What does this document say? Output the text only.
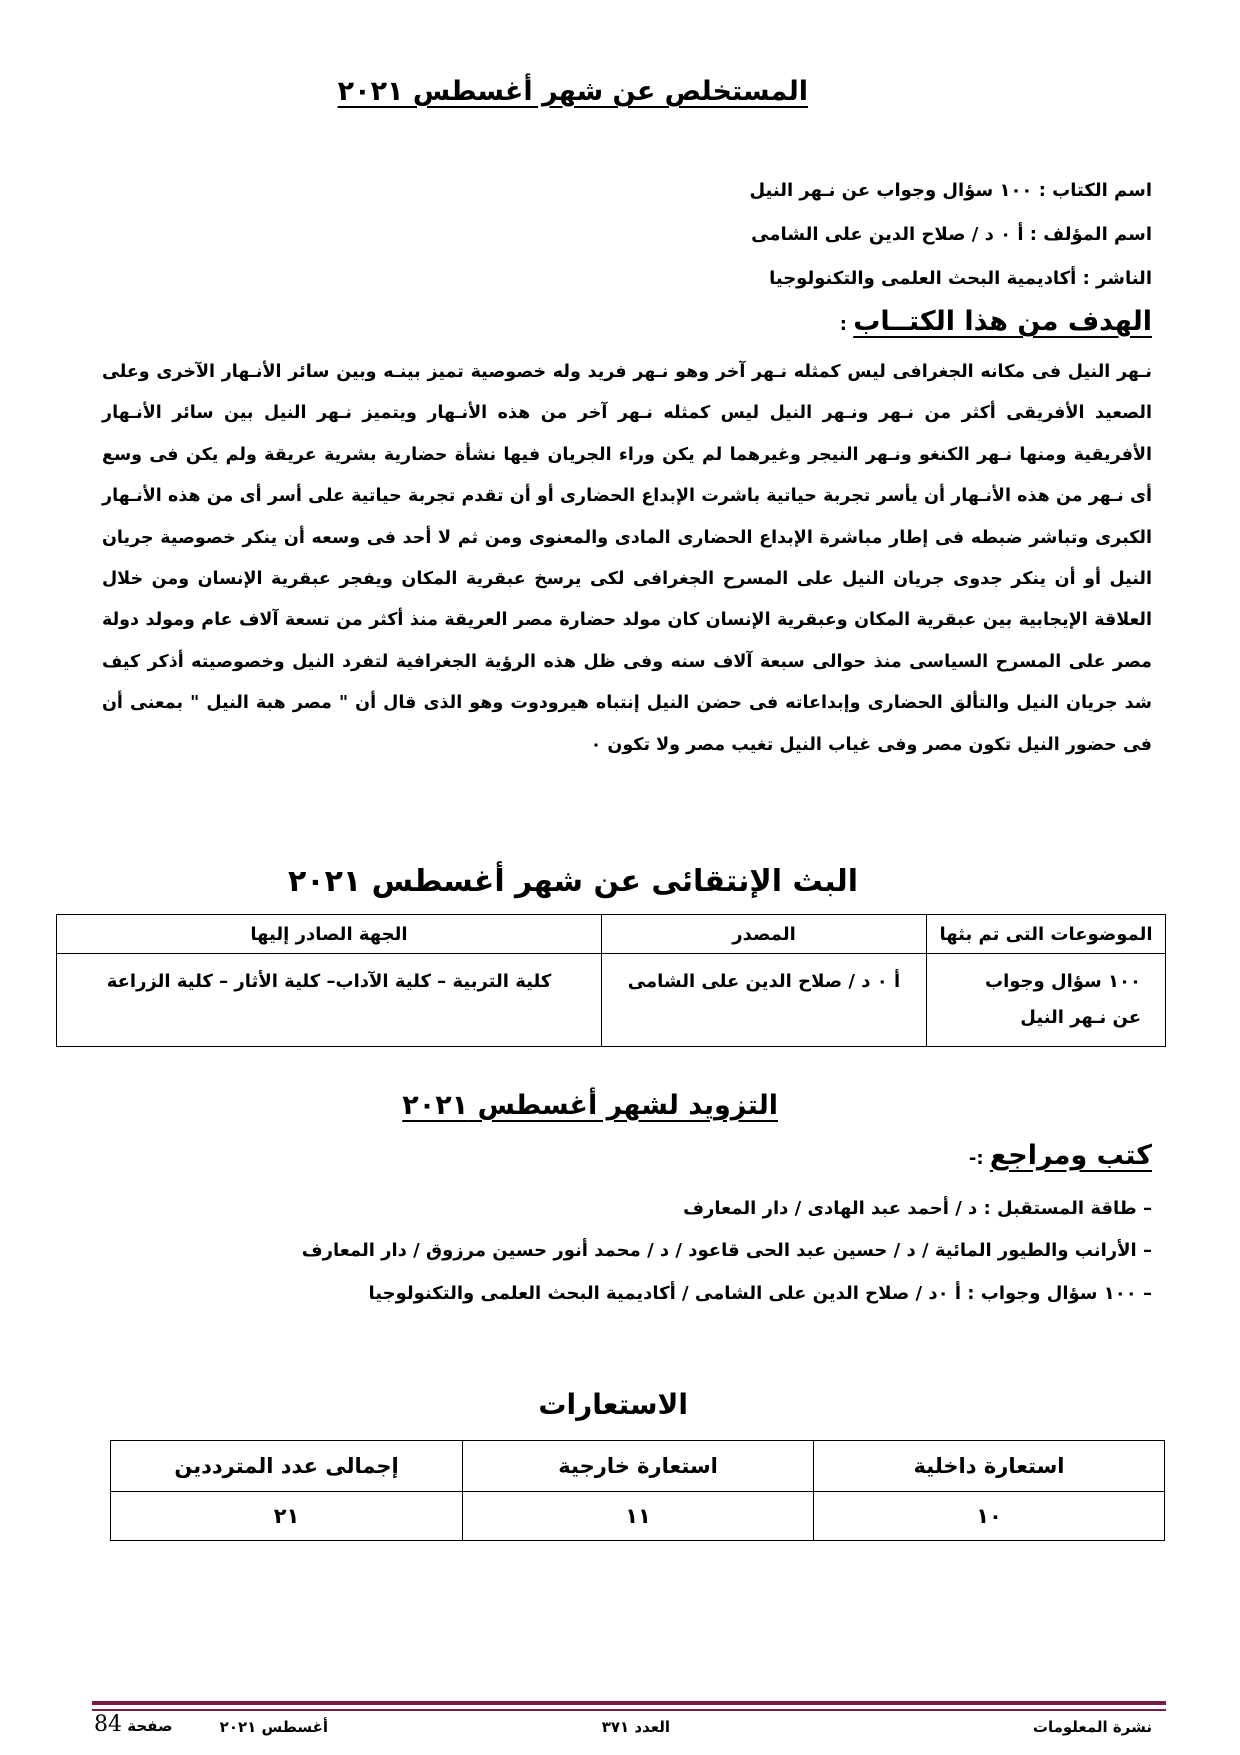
المستخلص عن شهر أغسطس ٢٠٢١
اسم الكتاب : ١٠٠ سؤال وجواب عن نـهر النيل
اسم المؤلف : أ ٠ د / صلاح الدين على الشامى
الناشر : أكاديمية البحث العلمى والتكنولوجيا
الهدف من هذا الكتــاب :
نـهر النيل فى مكانه الجغرافى ليس كمثله نـهر آخر وهو نـهر فريد وله خصوصية تميز بينـه وبين سائر الأنـهار الآخرى وعلى الصعيد الأفريقى أكثر من نـهر ونـهر النيل ليس كمثله نـهر آخر من هذه الأنـهار ويتميز نـهر النيل بين سائر الأنـهار الأفريقية ومنها نـهر الكنغو ونـهر النيجر وغيرهما لم يكن وراء الجريان فيها نشأة حضارية بشرية عريقة ولم يكن فى وسع أى نـهر من هذه الأنـهار أن يأسر تجربة حياتية باشرت الإبداع الحضارى أو أن تقدم تجربة حياتية على أسر أى من هذه الأنـهار الكبرى وتباشر ضبطه فى إطار مباشرة الإبداع الحضارى المادى والمعنوى ومن ثم لا أحد فى وسعه أن ينكر خصوصية جريان النيل أو أن ينكر جدوى جريان النيل على المسرح الجغرافى لكى يرسخ عبقرية المكان ويفجر عبقرية الإنسان ومن خلال العلاقة الإيجابية بين عبقرية المكان وعبقرية الإنسان كان مولد حضارة مصر العريقة منذ أكثر من تسعة آلاف عام ومولد دولة مصر على المسرح السياسى منذ حوالى سبعة آلاف سنه وفى ظل هذه الرؤية الجغرافية لتفرد النيل وخصوصيته أذكر كيف شد جريان النيل والتألق الحضارى وإبداعاته فى حضن النيل إنتباه هيرودوت وهو الذى قال أن " مصر هبة النيل " بمعنى أن فى حضور النيل تكون مصر وفى غياب النيل تغيب مصر ولا تكون ٠
البث الإنتقائى عن شهر أغسطس ٢٠٢١
الموضوعات التى تم بثها	المصدر	الجهة الصادر إليها
١٠٠ سؤال وجواب عن نـهر النيل	أ ٠ د / صلاح الدين على الشامى	كلية التربية – كلية الآداب– كلية الأثار – كلية الزراعة
التزويد لشهر أغسطس ٢٠٢١
كتب ومراجع :-
– طاقة المستقبل : د / أحمد عبد الهادى / دار المعارف
– الأرانب والطيور المائية / د / حسين عبد الحى قاعود / د / محمد أنور حسين مرزوق / دار المعارف
– ١٠٠ سؤال وجواب : أ ٠د / صلاح الدين على الشامى / أكاديمية البحث العلمى والتكنولوجيا
الاستعارات
استعارة داخلية	استعارة خارجية	إجمالى عدد المترددين
١٠	١١	٢١
نشرة المعلومات
العدد ٣٧١
أغسطس ٢٠٢١
صفحة 84
